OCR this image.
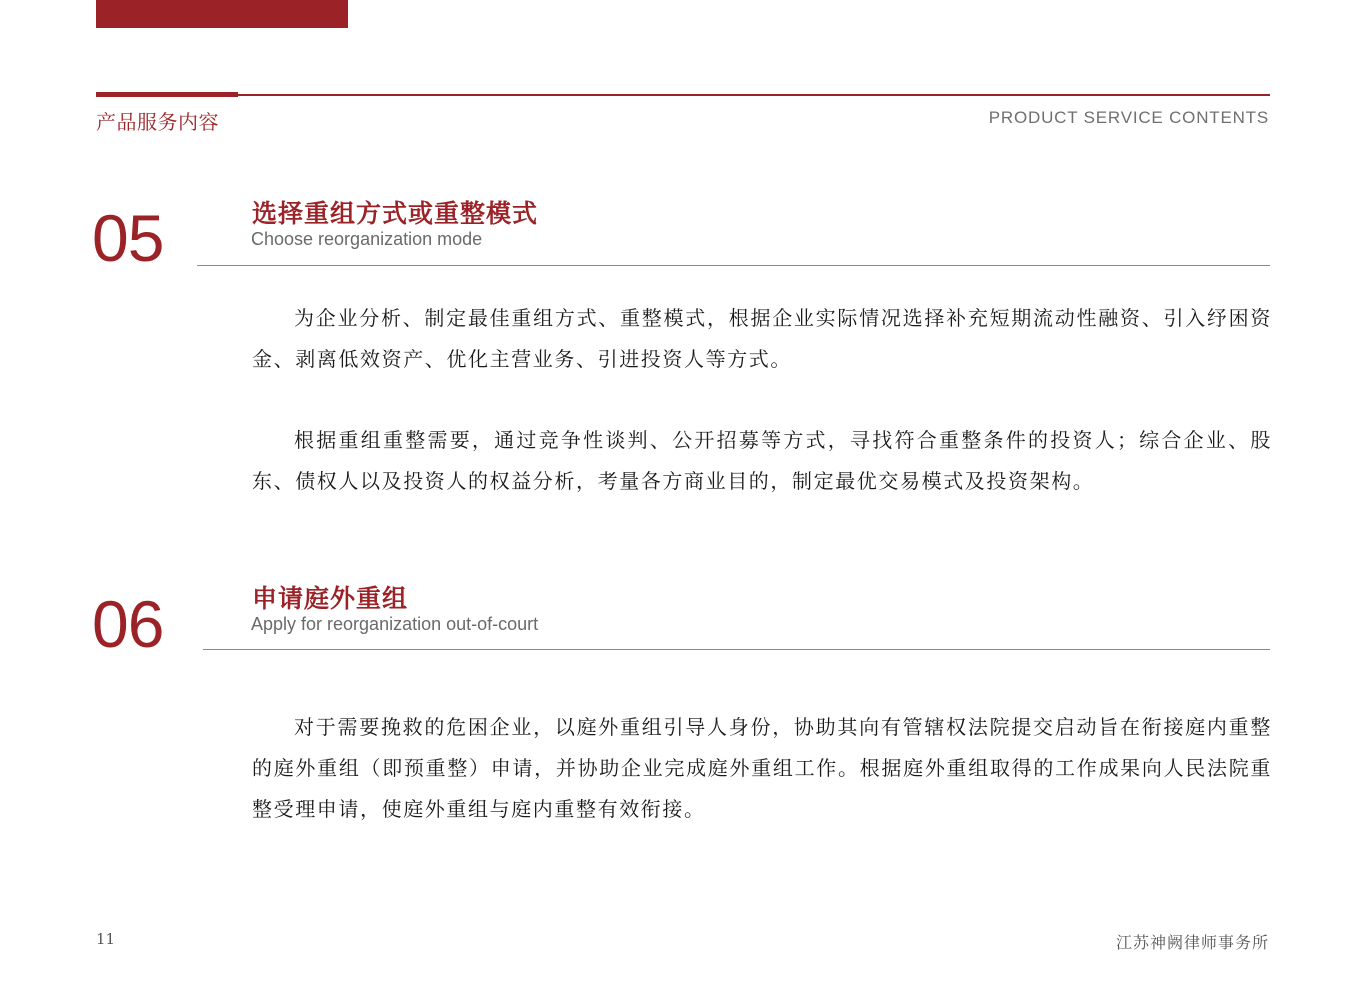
产品服务内容	PRODUCT SERVICE CONTENTS
05	选择重组方式或重整模式
Choose reorganization mode
为企业分析、制定最佳重组方式、重整模式，根据企业实际情况选择补充短期流动性融资、引入纾困资金、剥离低效资产、优化主营业务、引进投资人等方式。
根据重组重整需要，通过竞争性谈判、公开招募等方式，寻找符合重整条件的投资人；综合企业、股东、债权人以及投资人的权益分析，考量各方商业目的，制定最优交易模式及投资架构。
06	申请庭外重组
Apply for reorganization out-of-court
对于需要挽救的危困企业，以庭外重组引导人身份，协助其向有管辖权法院提交启动旨在衔接庭内重整的庭外重组（即预重整）申请，并协助企业完成庭外重组工作。根据庭外重组取得的工作成果向人民法院重整受理申请，使庭外重组与庭内重整有效衔接。
11	江苏神阙律师事务所
